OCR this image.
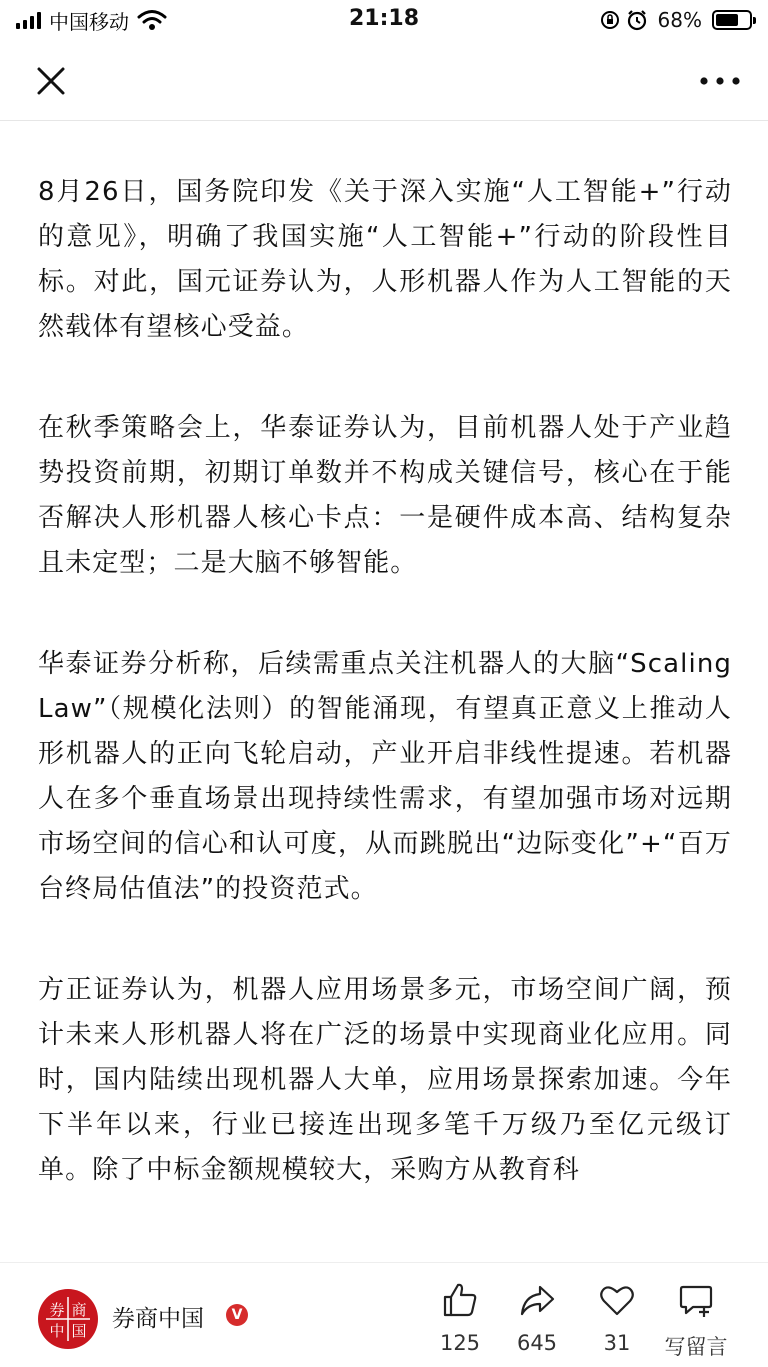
中国移动	21:18	68%

8月26日，国务院印发《关于深入实施“人工智能+”行动的意见》，明确了我国实施“人工智能+”行动的阶段性目标。对此，国元证券认为，人形机器人作为人工智能的天然载体有望核心受益。

在秋季策略会上，华泰证券认为，目前机器人处于产业趋势投资前期，初期订单数并不构成关键信号，核心在于能否解决人形机器人核心卡点：一是硬件成本高、结构复杂且未定型；二是大脑不够智能。

华泰证券分析称，后续需重点关注机器人的大脑“Scaling Law”（规模化法则）的智能涌现，有望真正意义上推动人形机器人的正向飞轮启动，产业开启非线性提速。若机器人在多个垂直场景出现持续性需求，有望加强市场对远期市场空间的信心和认可度，从而跳脱出“边际变化”+“百万台终局估值法”的投资范式。

方正证券认为，机器人应用场景多元，市场空间广阔，预计未来人形机器人将在广泛的场景中实现商业化应用。同时，国内陆续出现机器人大单，应用场景探索加速。今年下半年以来，行业已接连出现多笔千万级乃至亿元级订单。除了中标金额规模较大，采购方从教育科

券 商
中 国 券商中国	V
125	645	31	写留言
